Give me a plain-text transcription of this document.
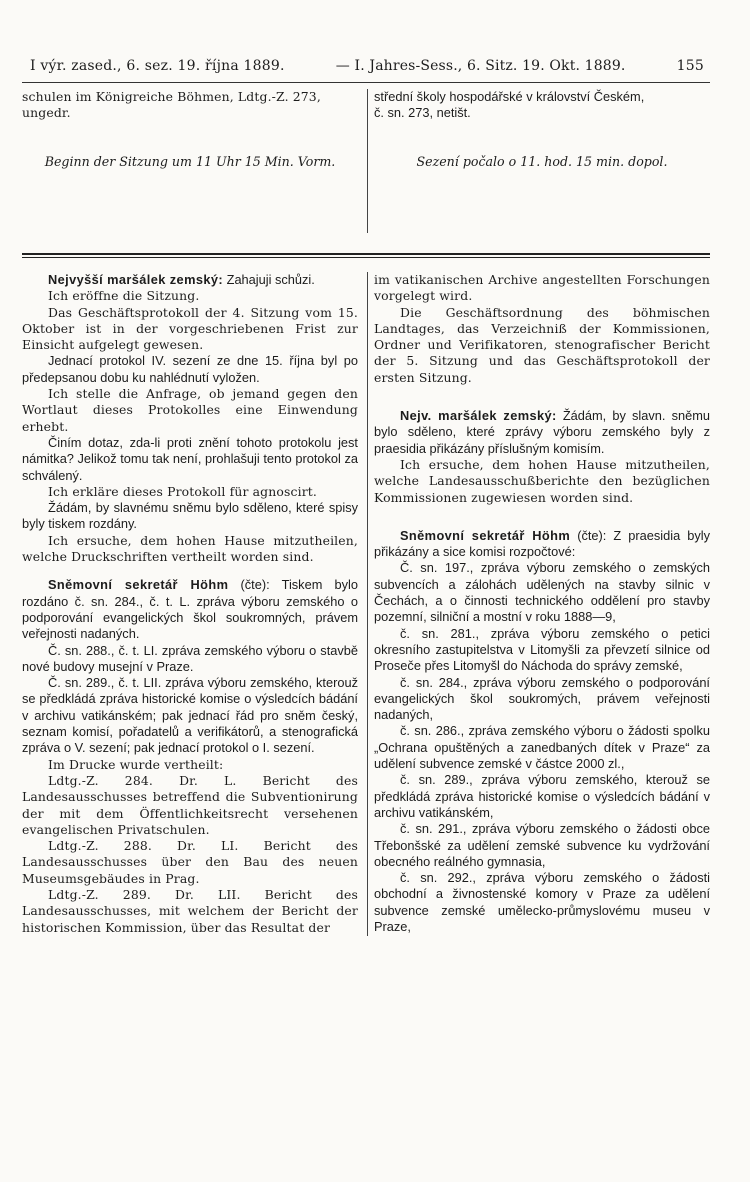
I výr. zased., 6. sez. 19. října 1889.	— I. Jahres-Sess., 6. Sitz. 19. Okt. 1889.	155

schulen im Königreiche Böhmen, Ldtg.-Z. 273,

ungedr.

Beginn der Sitzung um 11 Uhr 15 Min. Vorm.

střední školy hospodářské v království Českém,

č. sn. 273, netišt.

Sezení počalo o 11. hod. 15 min. dopol.

Nejvyšší maršálek zemský: Zahajuji schůzi.

Ich eröffne die Sitzung.

Das Geschäftsprotokoll der 4. Sitzung vom 15. Oktober ist in der vorgeschriebenen Frist zur Einsicht aufgelegt gewesen.

Jednací protokol IV. sezení ze dne 15. října byl po předepsanou dobu ku nahlédnutí vyložen.

Ich stelle die Anfrage, ob jemand gegen den Wortlaut dieses Protokolles eine Einwendung erhebt.

Činím dotaz, zda-li proti znění tohoto protokolu jest námitka? Jelikož tomu tak není, prohlašuji tento protokol za schválený.

Ich erkläre dieses Protokoll für agnoscirt.

Žádám, by slavnému sněmu bylo sděleno, které spisy byly tiskem rozdány.

Ich ersuche, dem hohen Hause mitzutheilen, welche Druckschriften vertheilt worden sind.

Sněmovní sekretář Höhm (čte): Tiskem bylo rozdáno č. sn. 284., č. t. L. zpráva výboru zemského o podporování evangelických škol soukromných, právem veřejnosti nadaných.

Č. sn. 288., č. t. LI. zpráva zemského výboru o stavbě nové budovy musejní v Praze.

Č. sn. 289., č. t. LII. zpráva výboru zemského, kterouž se předkládá zpráva historické komise o výsledcích bádání v archivu vatikánském; pak jednací řád pro sněm český, seznam komisí, pořadatelů a verifikátorů, a stenografická zpráva o V. sezení; pak jednací protokol o I. sezení.

Im Drucke wurde vertheilt:

Ldtg.-Z. 284. Dr. L. Bericht des Landesausschusses betreffend die Subventionirung der mit dem Öffentlichkeitsrecht versehenen evangelischen Privatschulen.

Ldtg.-Z. 288. Dr. LI. Bericht des Landesausschusses über den Bau des neuen Museumsgebäudes in Prag.

Ldtg.-Z. 289. Dr. LII. Bericht des Landesausschusses, mit welchem der Bericht der historischen Kommission, über das Resultat der

im vatikanischen Archive angestellten Forschungen vorgelegt wird.

Die Geschäftsordnung des böhmischen Landtages, das Verzeichniß der Kommissionen, Ordner und Verifikatoren, stenografischer Bericht der 5. Sitzung und das Geschäftsprotokoll der ersten Sitzung.

Nejv. maršálek zemský: Žádám, by slavn. sněmu bylo sděleno, které zprávy výboru zemského byly z praesidia přikázány příslušným komisím.

Ich ersuche, dem hohen Hause mitzutheilen, welche Landesausschußberichte den bezüglichen Kommissionen zugewiesen worden sind.

Sněmovní sekretář Höhm (čte): Z praesidia byly přikázány a sice komisi rozpočtové:

Č. sn. 197., zpráva výboru zemského o zemských subvencích a zálohách udělených na stavby silnic v Čechách, a o činnosti technického oddělení pro stavby pozemní, silniční a mostní v roku 1888—9,

č. sn. 281., zpráva výboru zemského o petici okresního zastupitelstva v Litomyšli za převzetí silnice od Proseče přes Litomyšl do Náchoda do správy zemské,

č. sn. 284., zpráva výboru zemského o podporování evangelických škol soukromých, právem veřejnosti nadaných,

č. sn. 286., zpráva zemského výboru o žádosti spolku „Ochrana opuštěných a zanedbaných dítek v Praze“ za udělení subvence zemské v částce 2000 zl.,

č. sn. 289., zpráva výboru zemského, kterouž se předkládá zpráva historické komise o výsledcích bádání v archivu vatikánském,

č. sn. 291., zpráva výboru zemského o žádosti obce Třebonšské za udělení zemské subvence ku vydržování obecného reálného gymnasia,

č. sn. 292., zpráva výboru zemského o žádosti obchodní a živnostenské komory v Praze za udělení subvence zemské umělecko-průmyslovému museu v Praze,
